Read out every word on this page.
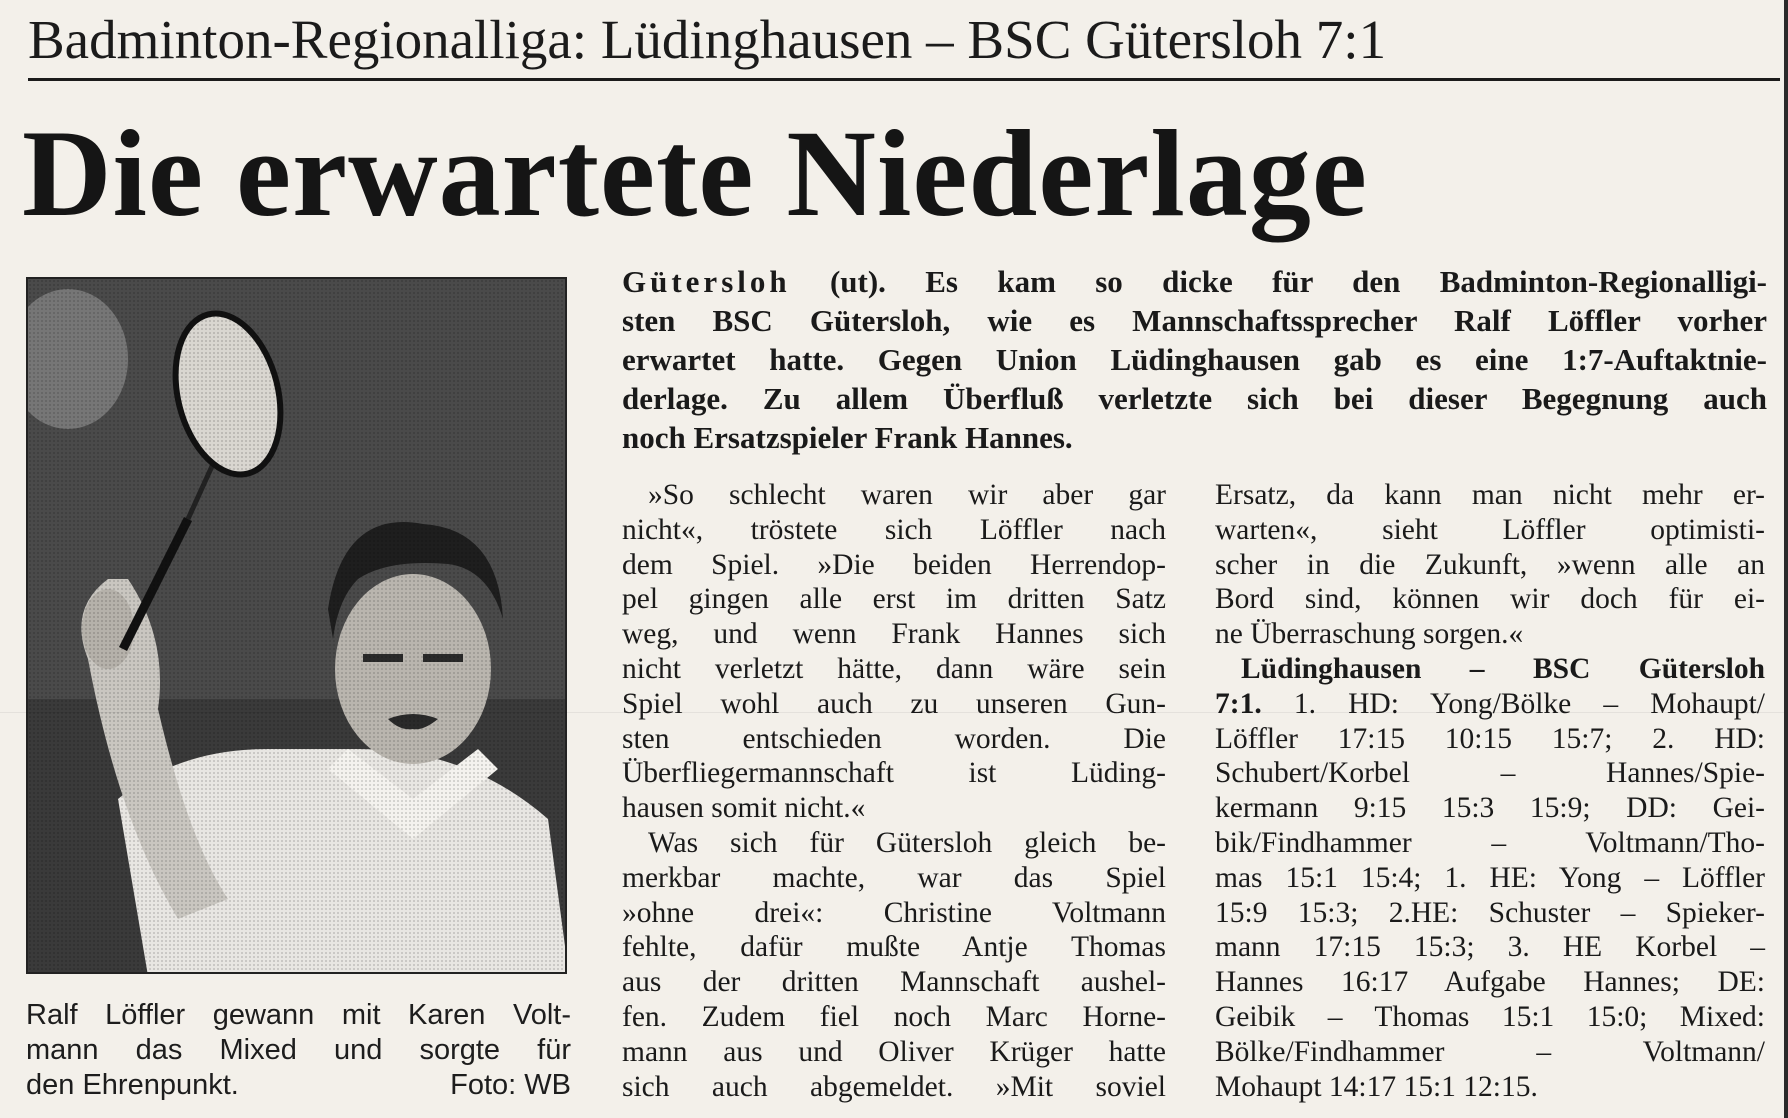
Badminton-Regionalliga: Lüdinghausen – BSC Gütersloh 7:1
Die erwartete Niederlage
Ralf Löffler gewann mit Karen Volt-
mann das Mixed und sorgte für
den Ehrenpunkt.	Foto: WB
Gütersloh (ut). Es kam so dicke für den Badminton-Regionalligi-
sten BSC Gütersloh, wie es Mannschaftssprecher Ralf Löffler vorher
erwartet hatte. Gegen Union Lüdinghausen gab es eine 1:7-Auftaktnie-
derlage. Zu allem Überfluß verletzte sich bei dieser Begegnung auch
noch Ersatzspieler Frank Hannes.
»So schlecht waren wir aber gar
nicht«, tröstete sich Löffler nach
dem Spiel. »Die beiden Herrendop-
pel gingen alle erst im dritten Satz
weg, und wenn Frank Hannes sich
nicht verletzt hätte, dann wäre sein
Spiel wohl auch zu unseren Gun-
sten entschieden worden. Die
Überfliegermannschaft ist Lüding-
hausen somit nicht.«
Was sich für Gütersloh gleich be-
merkbar machte, war das Spiel
»ohne drei«: Christine Voltmann
fehlte, dafür mußte Antje Thomas
aus der dritten Mannschaft aushel-
fen. Zudem fiel noch Marc Horne-
mann aus und Oliver Krüger hatte
sich auch abgemeldet. »Mit soviel
Ersatz, da kann man nicht mehr er-
warten«, sieht Löffler optimisti-
scher in die Zukunft, »wenn alle an
Bord sind, können wir doch für ei-
ne Überraschung sorgen.«
Lüdinghausen – BSC Gütersloh
7:1. 1. HD: Yong/Bölke – Mohaupt/
Löffler 17:15 10:15 15:7; 2. HD:
Schubert/Korbel – Hannes/Spie-
kermann 9:15 15:3 15:9; DD: Gei-
bik/Findhammer – Voltmann/Tho-
mas 15:1 15:4; 1. HE: Yong – Löffler
15:9 15:3; 2.HE: Schuster – Spieker-
mann 17:15 15:3; 3. HE Korbel –
Hannes 16:17 Aufgabe Hannes; DE:
Geibik – Thomas 15:1 15:0; Mixed:
Bölke/Findhammer – Voltmann/
Mohaupt 14:17 15:1 12:15.
